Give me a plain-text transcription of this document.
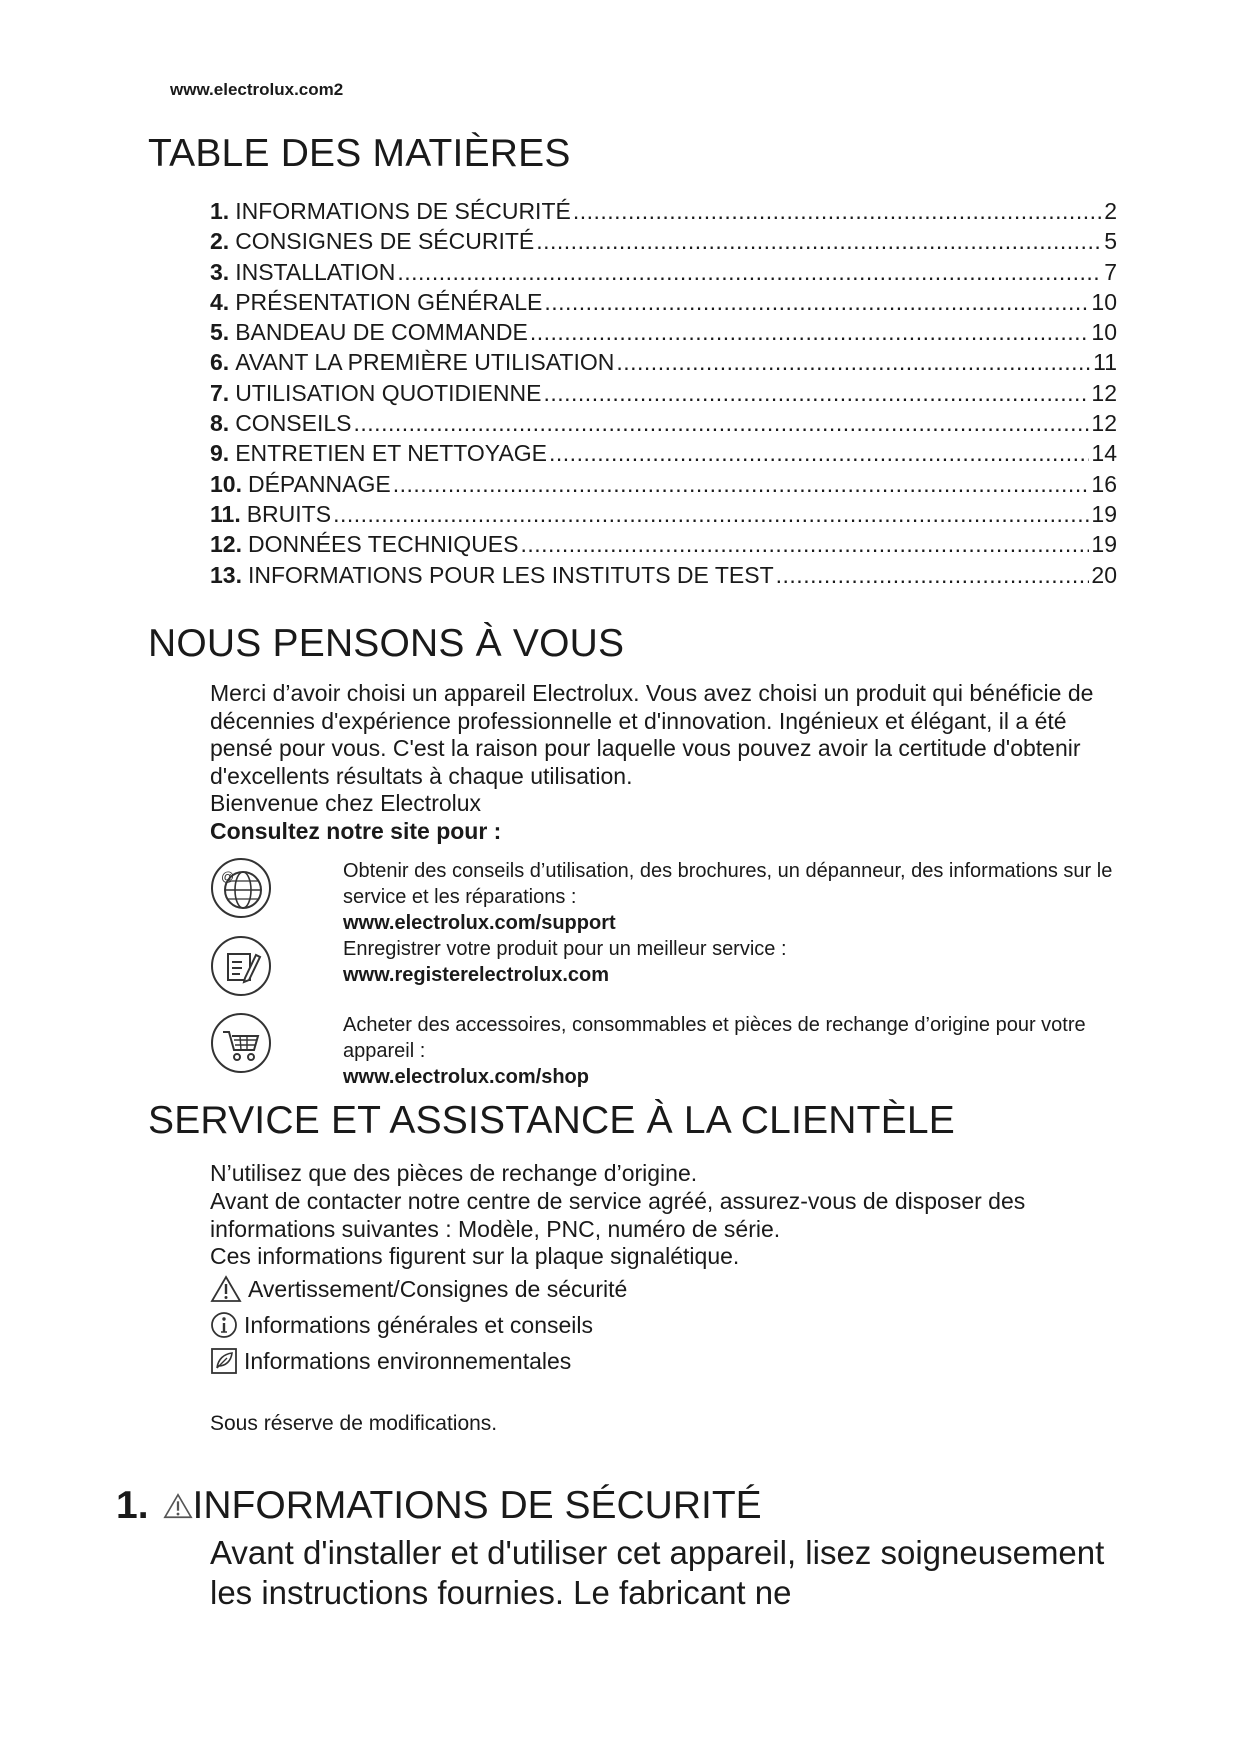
www.electrolux.com2
TABLE DES MATIÈRES
1. INFORMATIONS DE SÉCURITÉ .....	2
2. CONSIGNES DE SÉCURITÉ .....	5
3. INSTALLATION .....	7
4. PRÉSENTATION GÉNÉRALE .....	10
5. BANDEAU DE COMMANDE .....	10
6. AVANT LA PREMIÈRE UTILISATION .....	11
7. UTILISATION QUOTIDIENNE .....	12
8. CONSEILS .....	12
9. ENTRETIEN ET NETTOYAGE .....	14
10. DÉPANNAGE .....	16
11. BRUITS .....	19
12. DONNÉES TECHNIQUES .....	19
13. INFORMATIONS POUR LES INSTITUTS DE TEST .....	20
NOUS PENSONS À VOUS
Merci d’avoir choisi un appareil Electrolux. Vous avez choisi un produit qui bénéficie de décennies d'expérience professionnelle et d'innovation. Ingénieux et élégant, il a été pensé pour vous. C'est la raison pour laquelle vous pouvez avoir la certitude d'obtenir d'excellents résultats à chaque utilisation.
Bienvenue chez Electrolux
Consultez notre site pour :
@	Obtenir des conseils d’utilisation, des brochures, un dépanneur, des informations sur le service et les réparations :
www.electrolux.com/support
Enregistrer votre produit pour un meilleur service :
www.registerelectrolux.com
Acheter des accessoires, consommables et pièces de rechange d’origine pour votre appareil :
www.electrolux.com/shop
SERVICE ET ASSISTANCE À LA CLIENTÈLE
N’utilisez que des pièces de rechange d’origine.
Avant de contacter notre centre de service agréé, assurez-vous de disposer des informations suivantes : Modèle, PNC, numéro de série.
Ces informations figurent sur la plaque signalétique.
Avertissement/Consignes de sécurité
Informations générales et conseils
Informations environnementales
Sous réserve de modifications.
1. INFORMATIONS DE SÉCURITÉ
Avant d'installer et d'utiliser cet appareil, lisez soigneusement les instructions fournies. Le fabricant ne
